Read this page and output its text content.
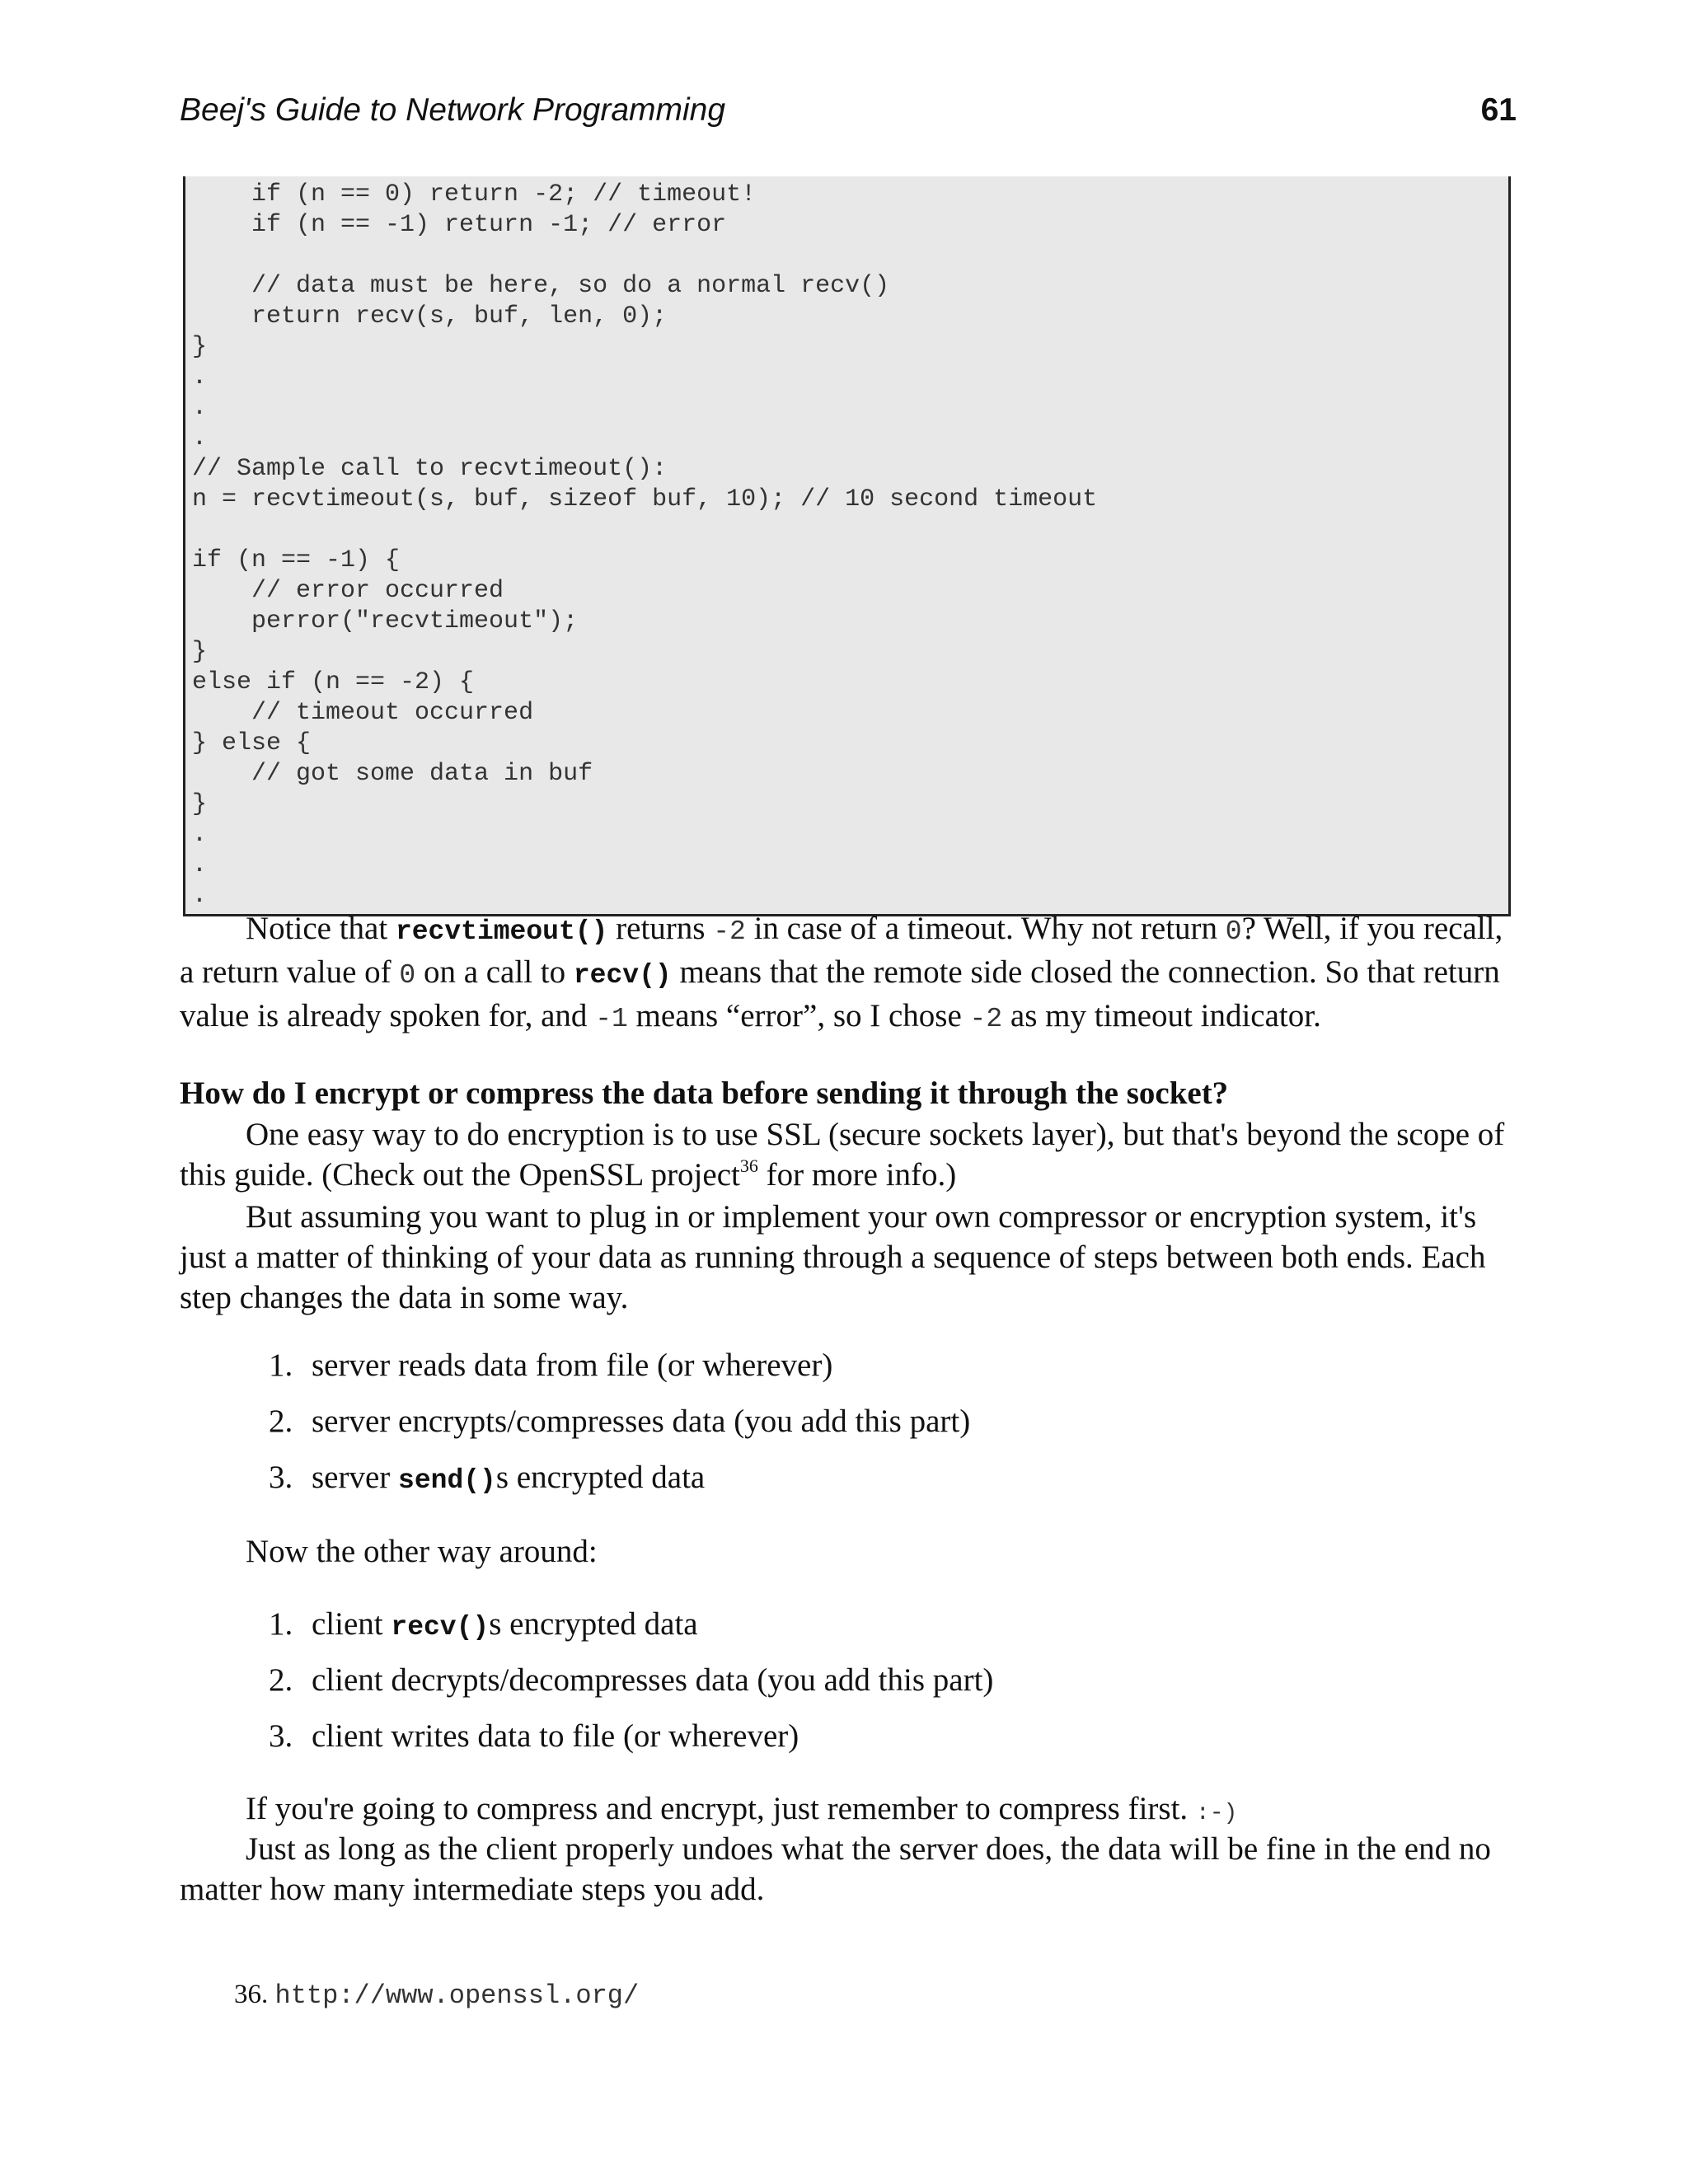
Beej's Guide to Network Programming	61
if (n == 0) return -2; // timeout!
if (n == -1) return -1; // error

// data must be here, so do a normal recv()
return recv(s, buf, len, 0);
}
.
.
.
// Sample call to recvtimeout():
n = recvtimeout(s, buf, sizeof buf, 10); // 10 second timeout

if (n == -1) {
// error occurred
perror("recvtimeout");
}
else if (n == -2) {
// timeout occurred
} else {
// got some data in buf
}
.
.
.
Notice that recvtimeout() returns -2 in case of a timeout. Why not return 0? Well, if you recall, a return value of 0 on a call to recv() means that the remote side closed the connection. So that return value is already spoken for, and -1 means “error”, so I chose -2 as my timeout indicator.
How do I encrypt or compress the data before sending it through the socket?
One easy way to do encryption is to use SSL (secure sockets layer), but that's beyond the scope of this guide. (Check out the OpenSSL project$^{36}$ for more info.)
But assuming you want to plug in or implement your own compressor or encryption system, it's just a matter of thinking of your data as running through a sequence of steps between both ends. Each step changes the data in some way.
1. server reads data from file (or wherever)
2. server encrypts/compresses data (you add this part)
3. server send()s encrypted data
Now the other way around:
1. client recv()s encrypted data
2. client decrypts/decompresses data (you add this part)
3. client writes data to file (or wherever)
If you're going to compress and encrypt, just remember to compress first. :-)
Just as long as the client properly undoes what the server does, the data will be fine in the end no matter how many intermediate steps you add.
36. http://www.openssl.org/
